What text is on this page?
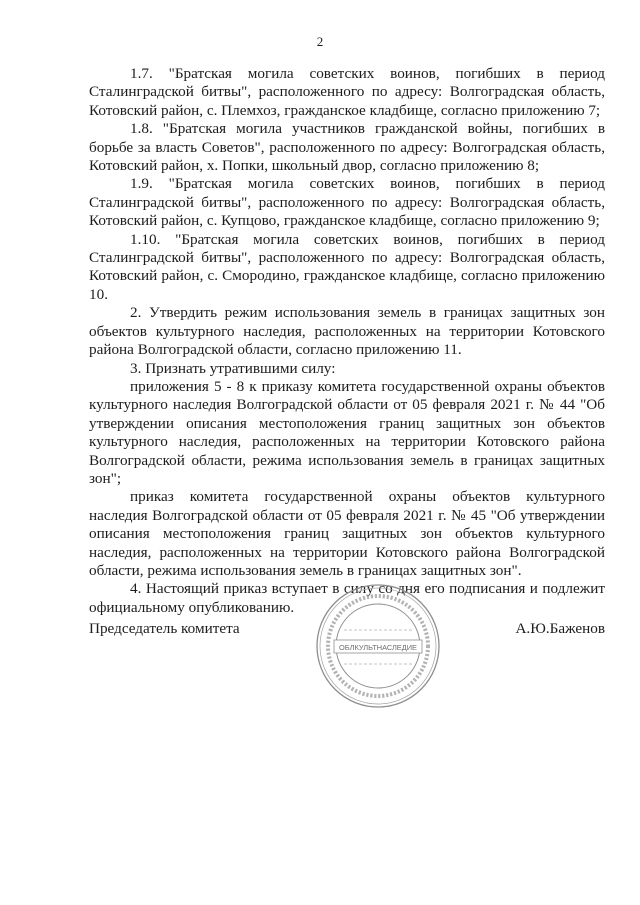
2

1.7. "Братская могила советских воинов, погибших в период Сталинградской битвы", расположенного по адресу: Волгоградская область, Котовский район, с. Племхоз, гражданское кладбище, согласно приложению 7;

1.8. "Братская могила участников гражданской войны, погибших в борьбе за власть Советов", расположенного по адресу: Волгоградская область, Котовский район, х. Попки, школьный двор, согласно приложению 8;

1.9. "Братская могила советских воинов, погибших в период Сталинградской битвы", расположенного по адресу: Волгоградская область, Котовский район, с. Купцово, гражданское кладбище, согласно приложению 9;

1.10. "Братская могила советских воинов, погибших в период Сталинградской битвы", расположенного по адресу: Волгоградская область, Котовский район, с. Смородино, гражданское кладбище, согласно приложению 10.

2. Утвердить режим использования земель в границах защитных зон объектов культурного наследия, расположенных на территории Котовского района Волгоградской области, согласно приложению 11.

3. Признать утратившими силу:

приложения 5 - 8 к приказу комитета государственной охраны объектов культурного наследия Волгоградской области от 05 февраля 2021 г. № 44 "Об утверждении описания местоположения границ защитных зон объектов культурного наследия, расположенных на территории Котовского района Волгоградской области, режима использования земель в границах защитных зон";

приказ комитета государственной охраны объектов культурного наследия Волгоградской области от 05 февраля 2021 г. № 45 "Об утверждении описания местоположения границ защитных зон объектов культурного наследия, расположенных на территории Котовского района Волгоградской области, режима использования земель в границах защитных зон".

4. Настоящий приказ вступает в силу со дня его подписания и подлежит официальному опубликованию.

Председатель комитета	А.Ю.Баженов
ОБЛКУЛЬТНАСЛЕДИЕ
